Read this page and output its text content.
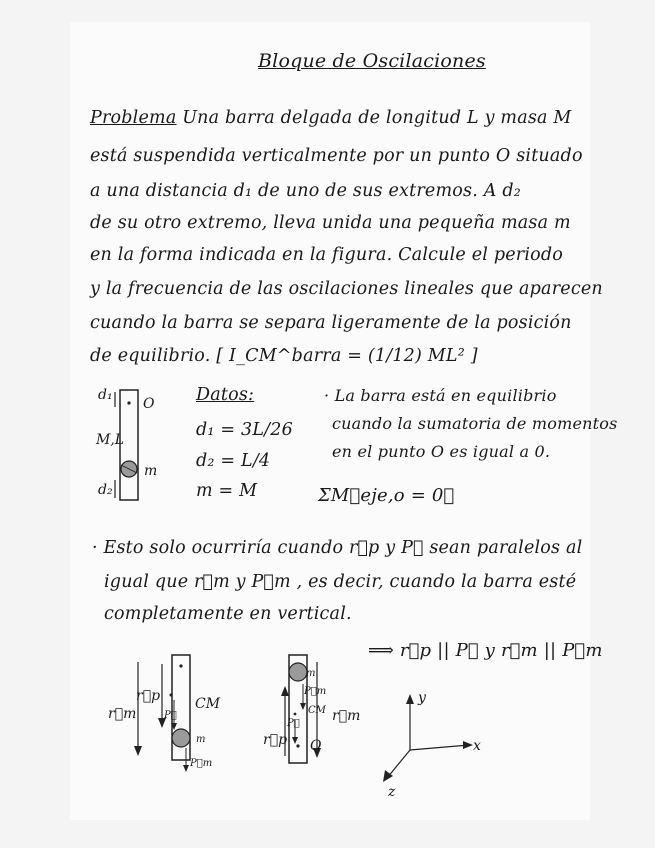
Bloque de Oscilaciones
Problema Una barra delgada de longitud L y masa M
está suspendida verticalmente por un punto O situado
a una distancia d₁ de uno de sus extremos. A d₂
de su otro extremo, lleva unida una pequeña masa m
en la forma indicada en la figura. Calcule el periodo
y la frecuencia de las oscilaciones lineales que aparecen
cuando la barra se separa ligeramente de la posición
de equilibrio. [ I_CM^barra = (1/12) ML² ]
d₁
O
M,L
d₂
m
Datos:
d₁ = 3L/26
d₂ = L/4
m = M
· La barra está en equilibrio
cuando la sumatoria de momentos
en el punto O es igual a 0.
ΣM⃗eje,o = 0⃗
· Esto solo ocurriría cuando r⃗p y P⃗ sean paralelos al
igual que r⃗m y P⃗m , es decir, cuando la barra esté
completamente en vertical.
⟹ r⃗p || P⃗ y r⃗m || P⃗m
r⃗m
r⃗p
P⃗
CM
m
P⃗m
m
P⃗m
CM
P⃗
r⃗p O
r⃗m
y
x
z
